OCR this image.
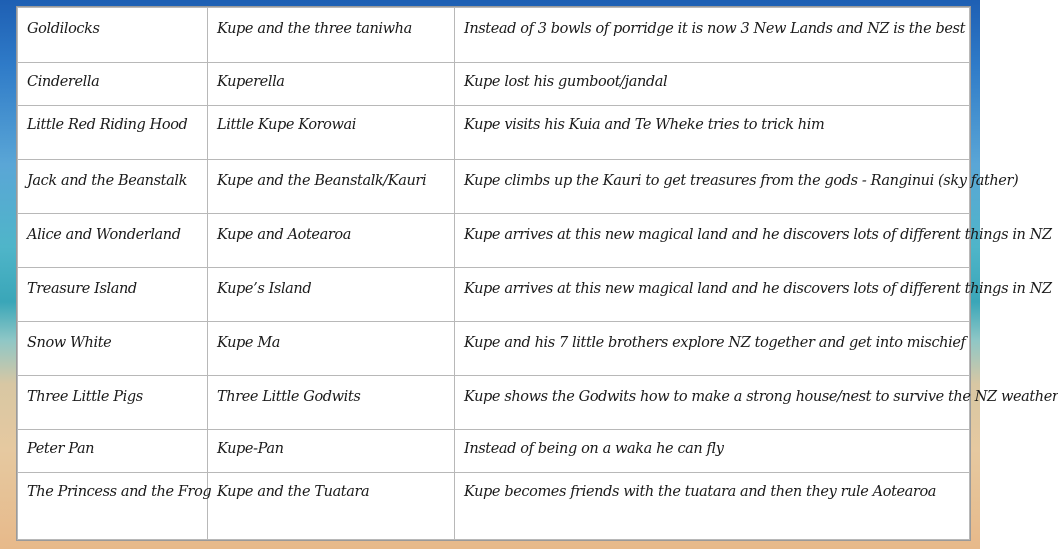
Goldilocks	Kupe and the three taniwha	Instead of 3 bowls of porridge it is now 3 New Lands and NZ is the best
Cinderella	Kuperella	Kupe lost his gumboot/jandal
Little Red Riding Hood	Little Kupe Korowai	Kupe visits his Kuia and Te Wheke tries to trick him
Jack and the Beanstalk	Kupe and the Beanstalk/Kauri	Kupe climbs up the Kauri to get treasures from the gods - Ranginui (sky father)
Alice and Wonderland	Kupe and Aotearoa	Kupe arrives at this new magical land and he discovers lots of different things in NZ
Treasure Island	Kupe’s Island	Kupe arrives at this new magical land and he discovers lots of different things in NZ
Snow White	Kupe Ma	Kupe and his 7 little brothers explore NZ together and get into mischief
Three Little Pigs	Three Little Godwits	Kupe shows the Godwits how to make a strong house/nest to survive the NZ weather
Peter Pan	Kupe-Pan	Instead of being on a waka he can fly
The Princess and the Frog	Kupe and the Tuatara	Kupe becomes friends with the tuatara and then they rule Aotearoa
